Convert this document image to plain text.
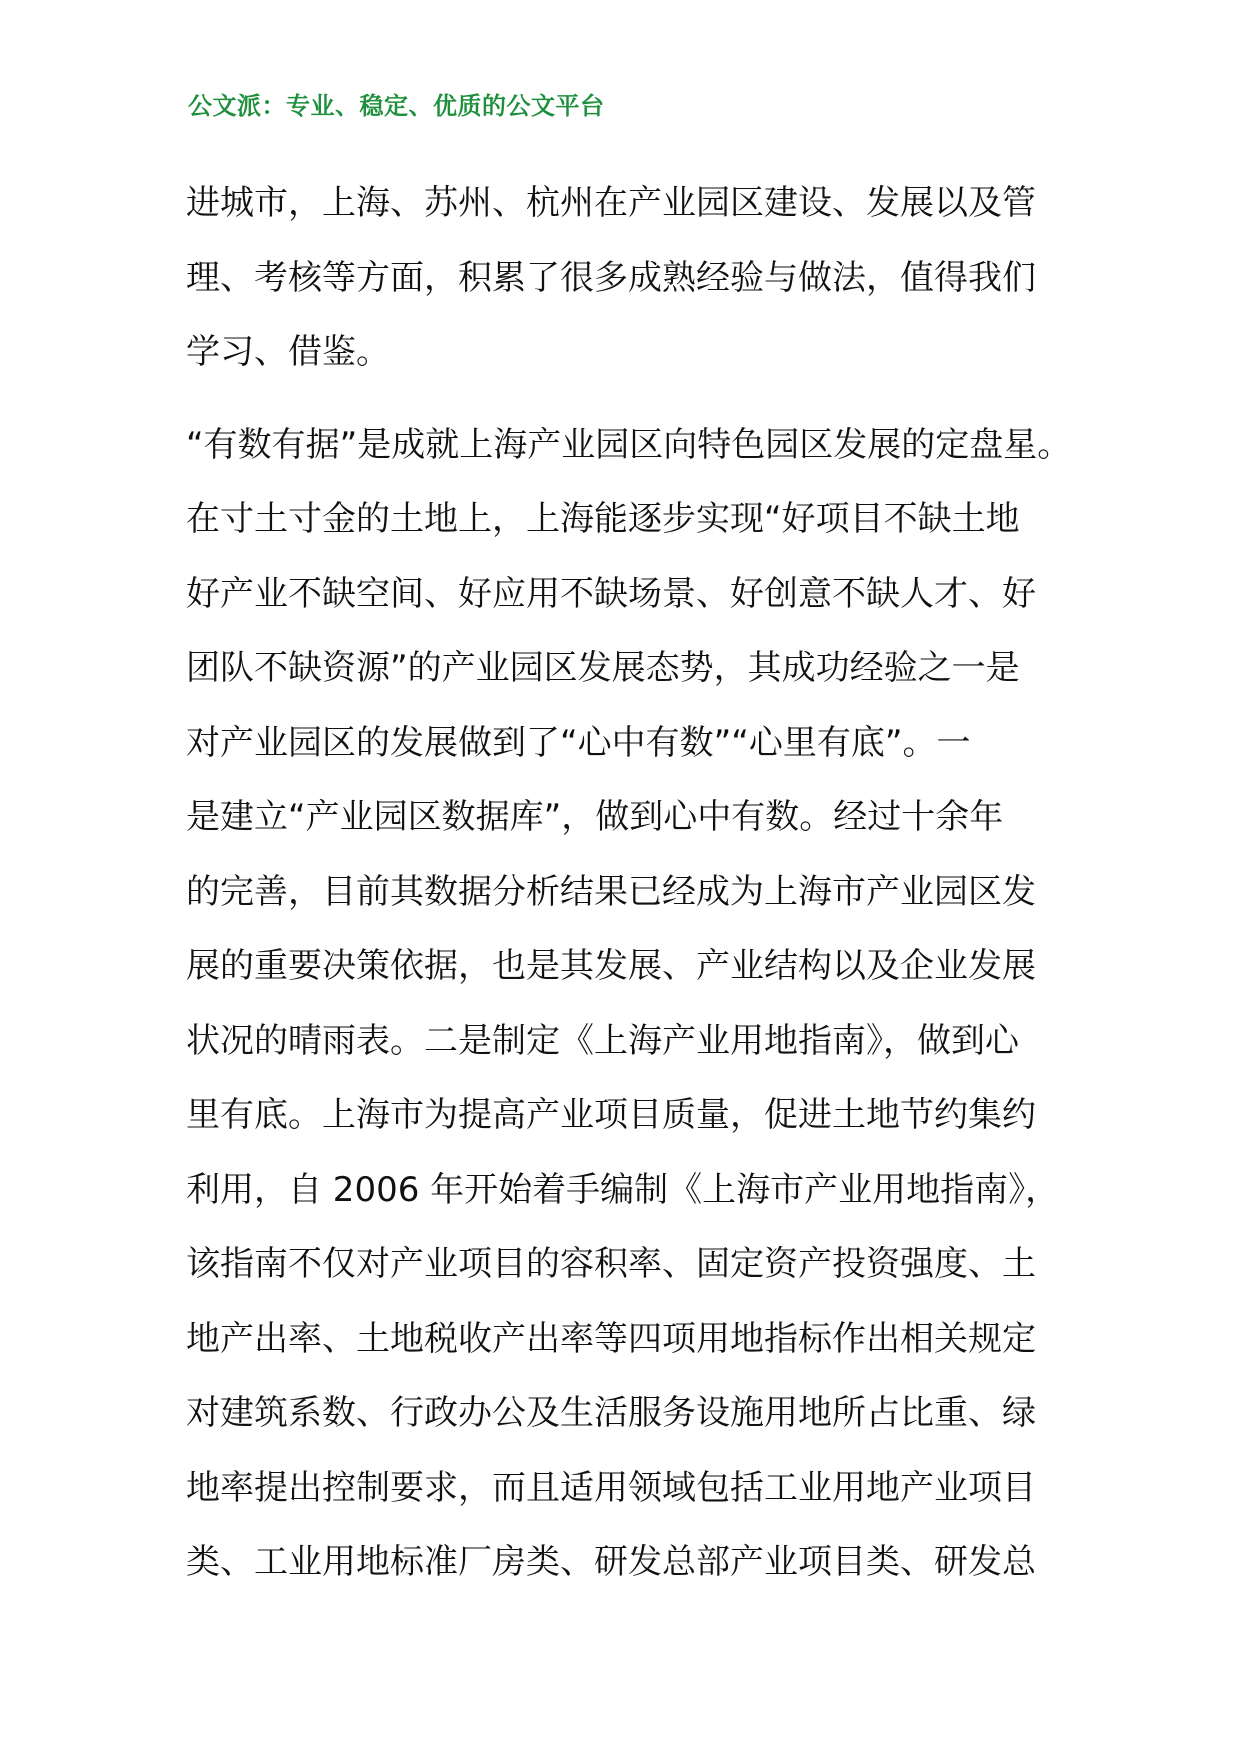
公文派：专业、稳定、优质的公文平台
进城市，上海、苏州、杭州在产业园区建设、发展以及管
理、考核等方面，积累了很多成熟经验与做法，值得我们
学习、借鉴。
“有数有据”是成就上海产业园区向特色园区发展的定盘星。
在寸土寸金的土地上，上海能逐步实现“好项目不缺土地
好产业不缺空间、好应用不缺场景、好创意不缺人才、好
团队不缺资源”的产业园区发展态势，其成功经验之一是
对产业园区的发展做到了“心中有数”“心里有底”。一
是建立“产业园区数据库”，做到心中有数。经过十余年
的完善，目前其数据分析结果已经成为上海市产业园区发
展的重要决策依据，也是其发展、产业结构以及企业发展
状况的晴雨表。二是制定《上海产业用地指南》，做到心
里有底。上海市为提高产业项目质量，促进土地节约集约
利用，自 2006 年开始着手编制《上海市产业用地指南》，
该指南不仅对产业项目的容积率、固定资产投资强度、土
地产出率、土地税收产出率等四项用地指标作出相关规定
对建筑系数、行政办公及生活服务设施用地所占比重、绿
地率提出控制要求，而且适用领域包括工业用地产业项目
类、工业用地标准厂房类、研发总部产业项目类、研发总
